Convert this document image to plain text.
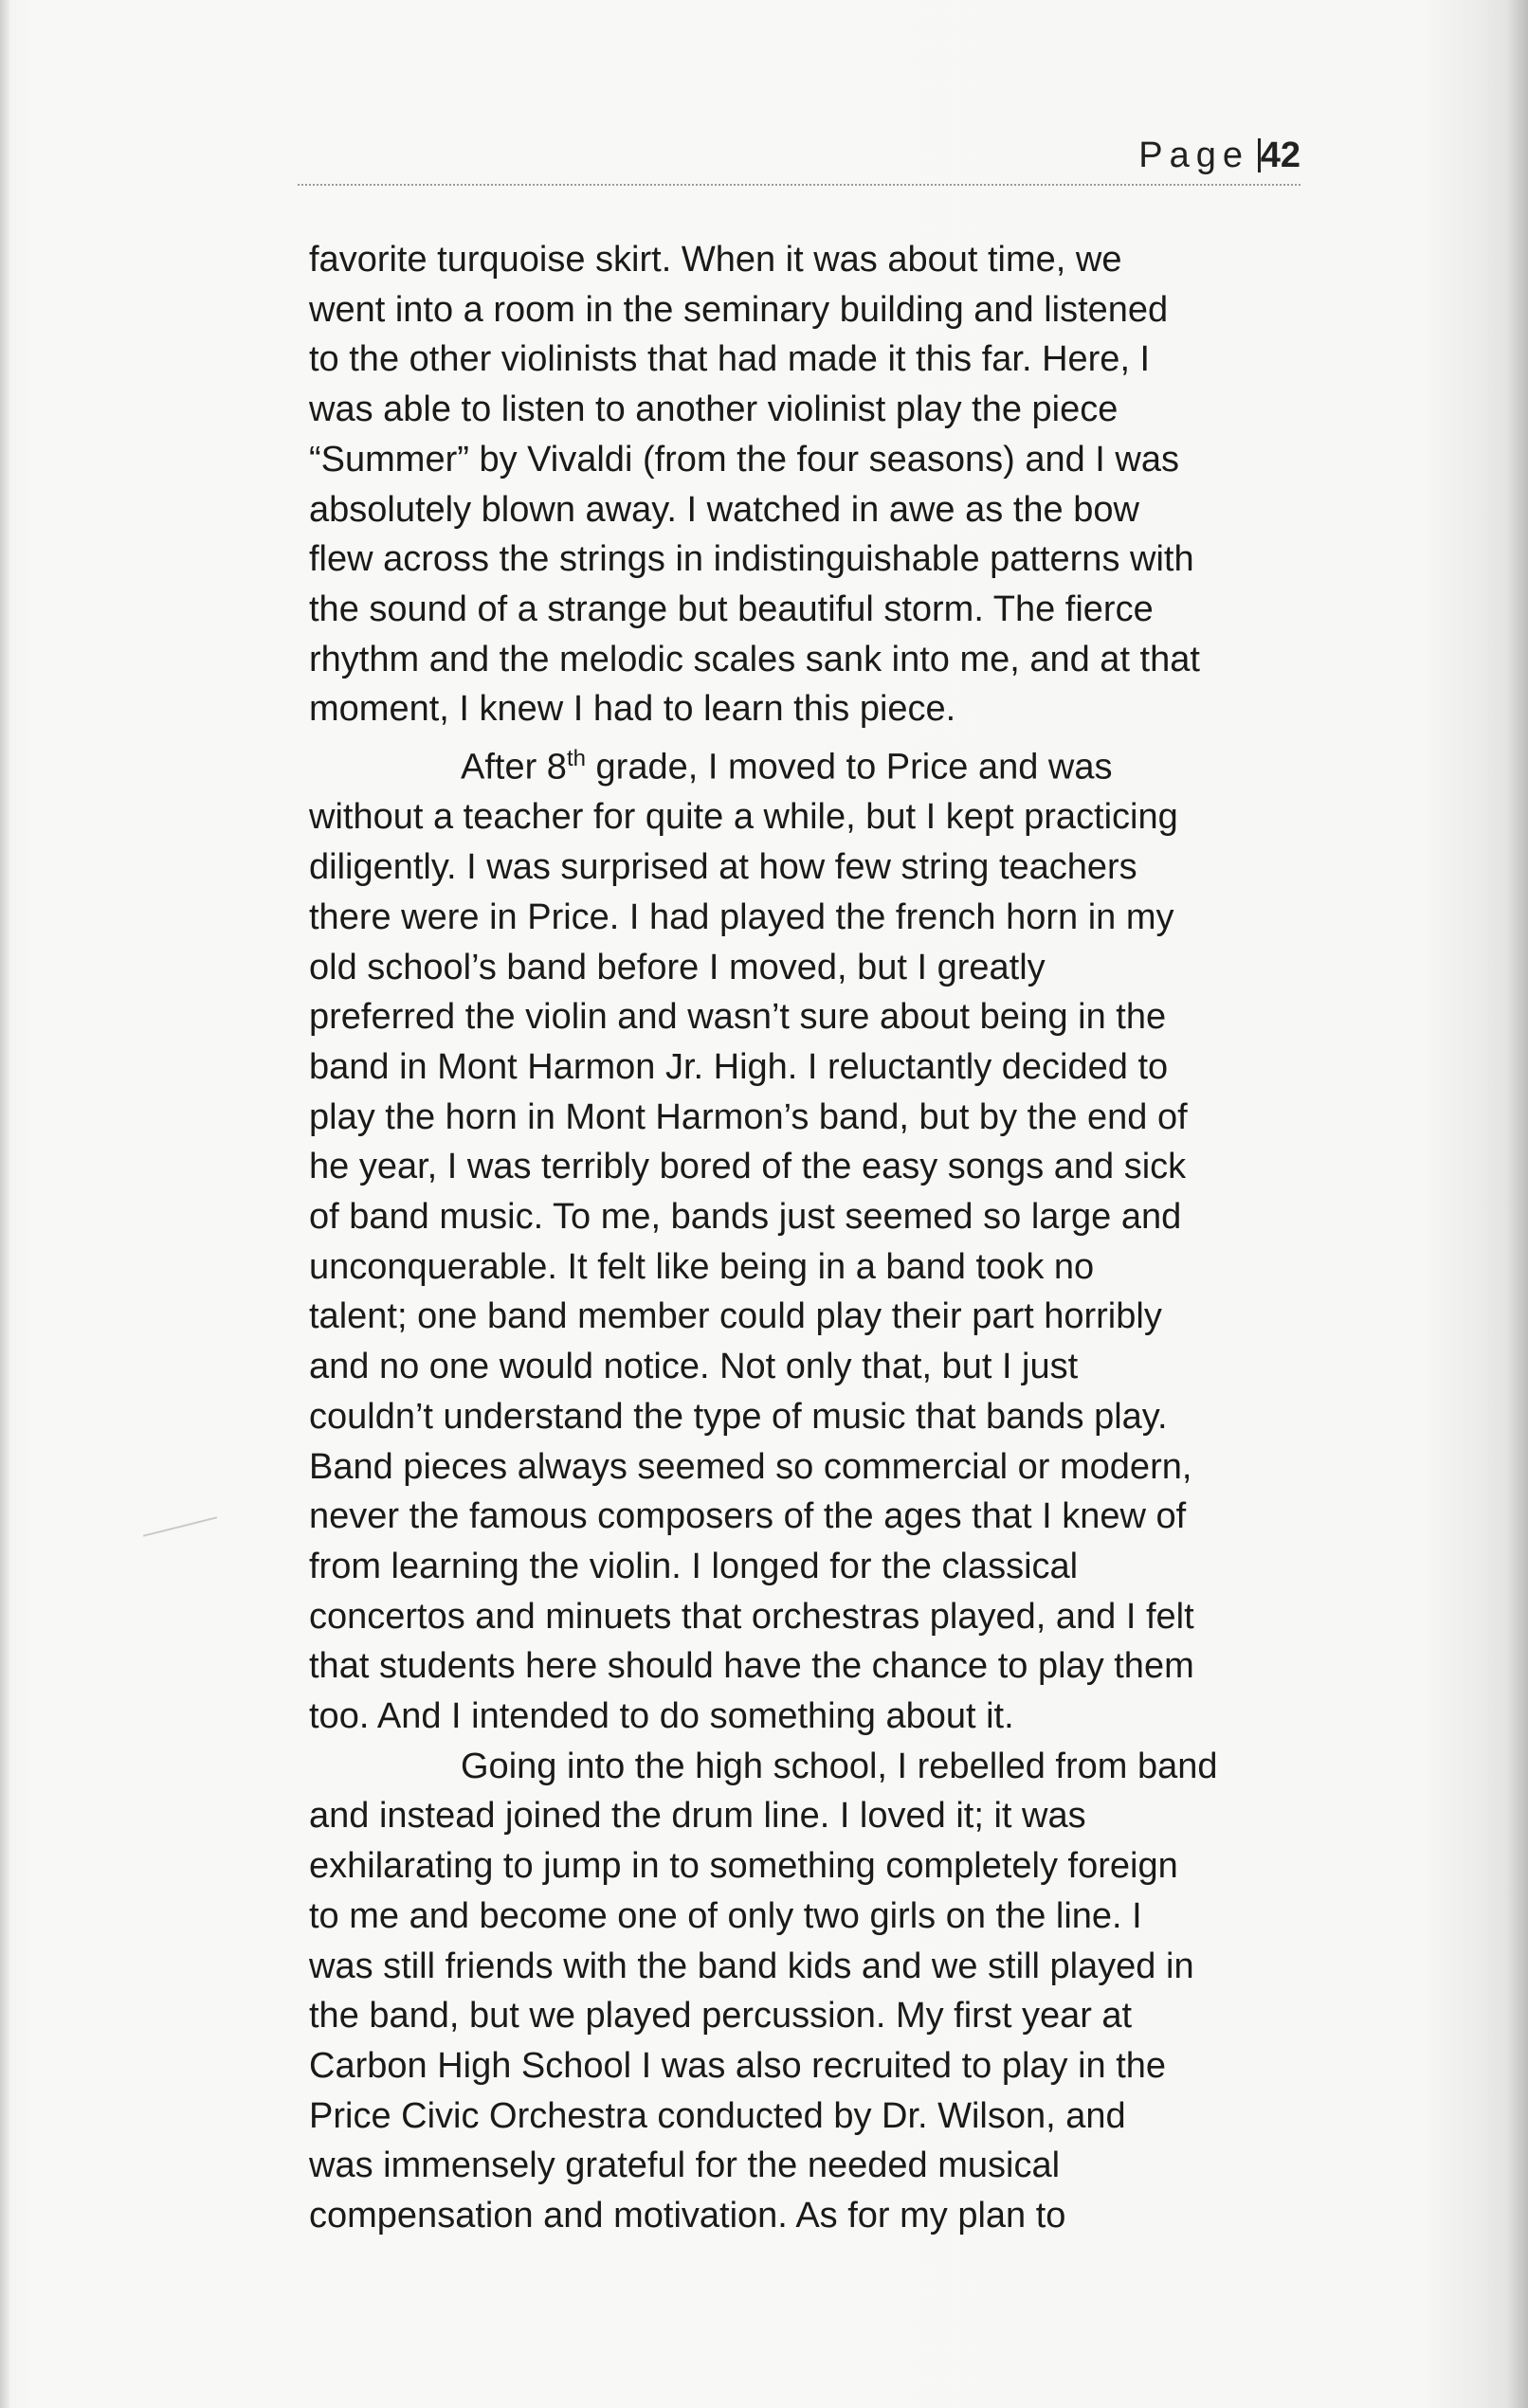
Page 42
favorite turquoise skirt. When it was about time, we
went into a room in the seminary building and listened
to the other violinists that had made it this far. Here, I
was able to listen to another violinist play the piece
“Summer” by Vivaldi (from the four seasons) and I was
absolutely blown away. I watched in awe as the bow
flew across the strings in indistinguishable patterns with
the sound of a strange but beautiful storm. The fierce
rhythm and the melodic scales sank into me, and at that
moment, I knew I had to learn this piece.
After 8th grade, I moved to Price and was
without a teacher for quite a while, but I kept practicing
diligently. I was surprised at how few string teachers
there were in Price. I had played the french horn in my
old school’s band before I moved, but I greatly
preferred the violin and wasn’t sure about being in the
band in Mont Harmon Jr. High. I reluctantly decided to
play the horn in Mont Harmon’s band, but by the end of
he year, I was terribly bored of the easy songs and sick
of band music. To me, bands just seemed so large and
unconquerable. It felt like being in a band took no
talent; one band member could play their part horribly
and no one would notice. Not only that, but I just
couldn’t understand the type of music that bands play.
Band pieces always seemed so commercial or modern,
never the famous composers of the ages that I knew of
from learning the violin. I longed for the classical
concertos and minuets that orchestras played, and I felt
that students here should have the chance to play them
too. And I intended to do something about it.
Going into the high school, I rebelled from band
and instead joined the drum line. I loved it; it was
exhilarating to jump in to something completely foreign
to me and become one of only two girls on the line. I
was still friends with the band kids and we still played in
the band, but we played percussion. My first year at
Carbon High School I was also recruited to play in the
Price Civic Orchestra conducted by Dr. Wilson, and
was immensely grateful for the needed musical
compensation and motivation. As for my plan to
